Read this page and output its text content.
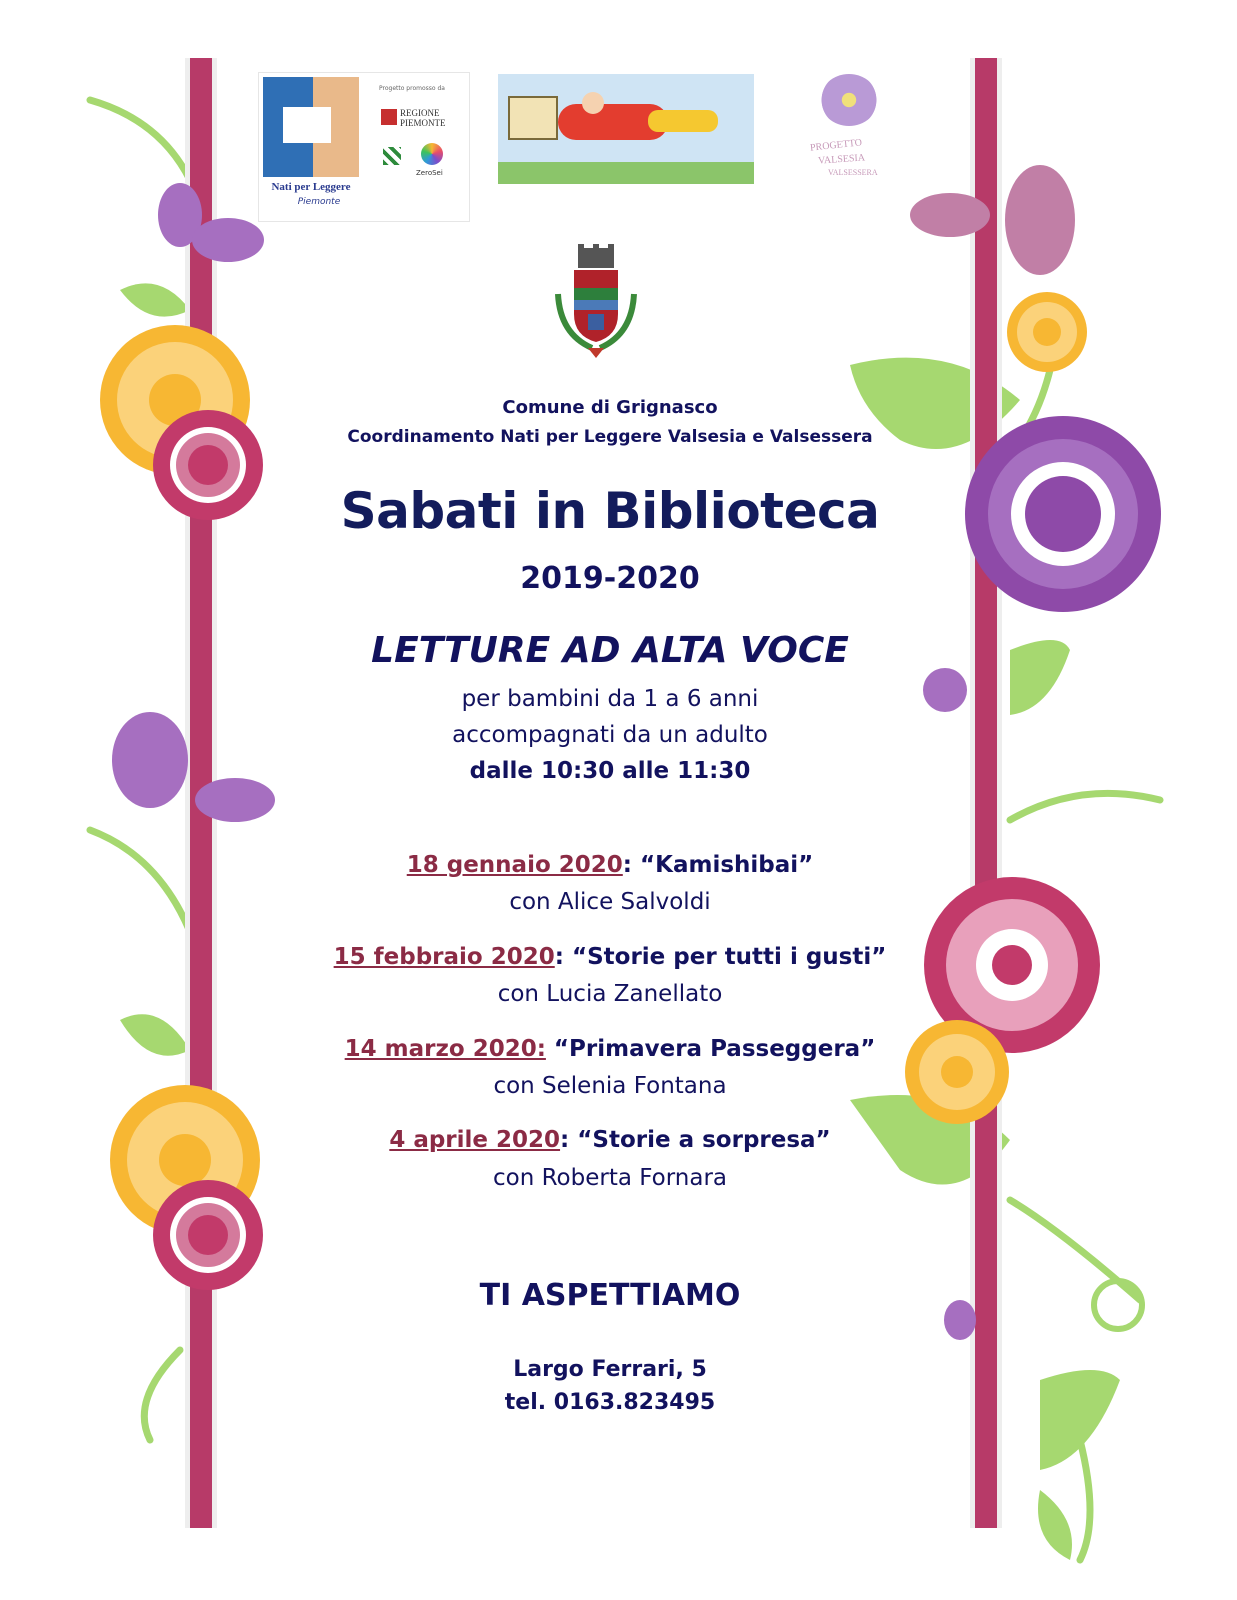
Nati per Leggere
Piemonte
Progetto promosso da
REGIONE
PIEMONTE
ZeroSei
PROGETTO
VALSESIA
VALSESSERA
Comune di Grignasco
Coordinamento Nati per Leggere Valsesia e Valsessera
Sabati in Biblioteca
2019-2020
LETTURE AD ALTA VOCE
per bambini da 1 a 6 anni
accompagnati da un adulto
dalle 10:30 alle 11:30
18 gennaio 2020: “Kamishibai”
con Alice Salvoldi
15 febbraio 2020: “Storie per tutti i gusti”
con Lucia Zanellato
14 marzo 2020: “Primavera Passeggera”
con Selenia Fontana
4 aprile 2020: “Storie a sorpresa”
con Roberta Fornara
TI ASPETTIAMO
Largo Ferrari, 5
tel. 0163.823495
